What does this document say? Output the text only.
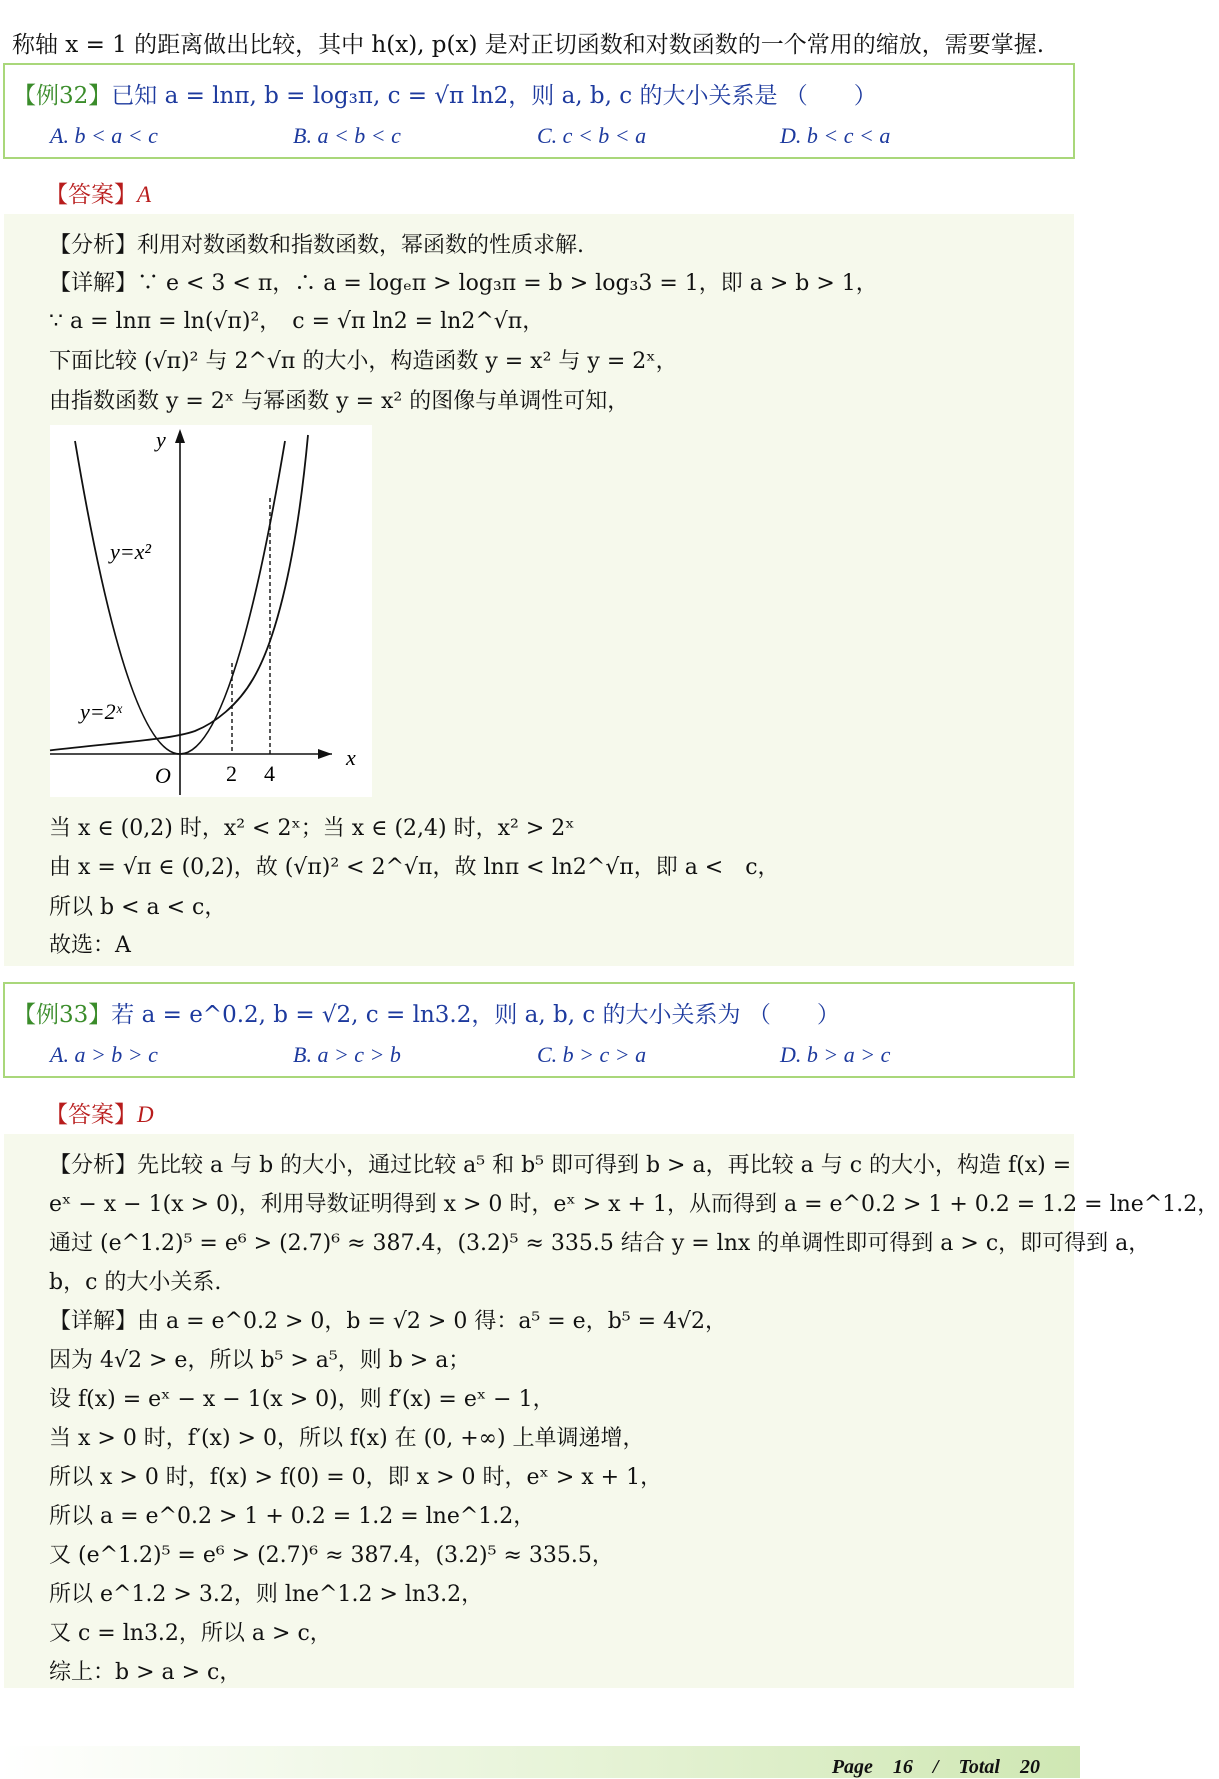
称轴 x = 1 的距离做出比较，其中 h(x), p(x) 是对正切函数和对数函数的一个常用的缩放，需要掌握.
【例32】已知 a = lnπ, b = log₃π, c = √π ln2，则 a, b, c 的大小关系是 （　　）
A. b < a < c	B. a < b < c	C. c < b < a	D. b < c < a
【答案】A
【分析】利用对数函数和指数函数，幂函数的性质求解.
【详解】∵ e < 3 < π，∴ a = logₑπ > log₃π = b > log₃3 = 1，即 a > b > 1，
∵ a = lnπ = ln(√π)²，　c = √π ln2 = ln2^√π，
下面比较 (√π)² 与 2^√π 的大小，构造函数 y = x² 与 y = 2ˣ，
由指数函数 y = 2ˣ 与幂函数 y = x² 的图像与单调性可知，
y
x
O	2 4
y=x²
y=2ˣ
当 x ∈ (0,2) 时，x² < 2ˣ；当 x ∈ (2,4) 时，x² > 2ˣ
由 x = √π ∈ (0,2)，故 (√π)² < 2^√π，故 lnπ < ln2^√π，即 a <　c，
所以 b < a < c，
故选：A
【例33】若 a = e^0.2, b = √2, c = ln3.2，则 a, b, c 的大小关系为 （　　）
A. a > b > c	B. a > c > b	C. b > c > a	D. b > a > c
【答案】D
【分析】先比较 a 与 b 的大小，通过比较 a⁵ 和 b⁵ 即可得到 b > a，再比较 a 与 c 的大小，构造 f(x) =
eˣ − x − 1(x > 0)，利用导数证明得到 x > 0 时，eˣ > x + 1，从而得到 a = e^0.2 > 1 + 0.2 = 1.2 = lne^1.2，
通过 (e^1.2)⁵ = e⁶ > (2.7)⁶ ≈ 387.4，(3.2)⁵ ≈ 335.5 结合 y = lnx 的单调性即可得到 a > c，即可得到 a，
b，c 的大小关系.
【详解】由 a = e^0.2 > 0，b = √2 > 0 得：a⁵ = e，b⁵ = 4√2，
因为 4√2 > e，所以 b⁵ > a⁵，则 b > a；
设 f(x) = eˣ − x − 1(x > 0)，则 f′(x) = eˣ − 1，
当 x > 0 时，f′(x) > 0，所以 f(x) 在 (0, +∞) 上单调递增，
所以 x > 0 时，f(x) > f(0) = 0，即 x > 0 时，eˣ > x + 1，
所以 a = e^0.2 > 1 + 0.2 = 1.2 = lne^1.2，
又 (e^1.2)⁵ = e⁶ > (2.7)⁶ ≈ 387.4，(3.2)⁵ ≈ 335.5，
所以 e^1.2 > 3.2，则 lne^1.2 > ln3.2，
又 c = ln3.2，所以 a > c，
综上：b > a > c，
Page　16　/　Total　20
